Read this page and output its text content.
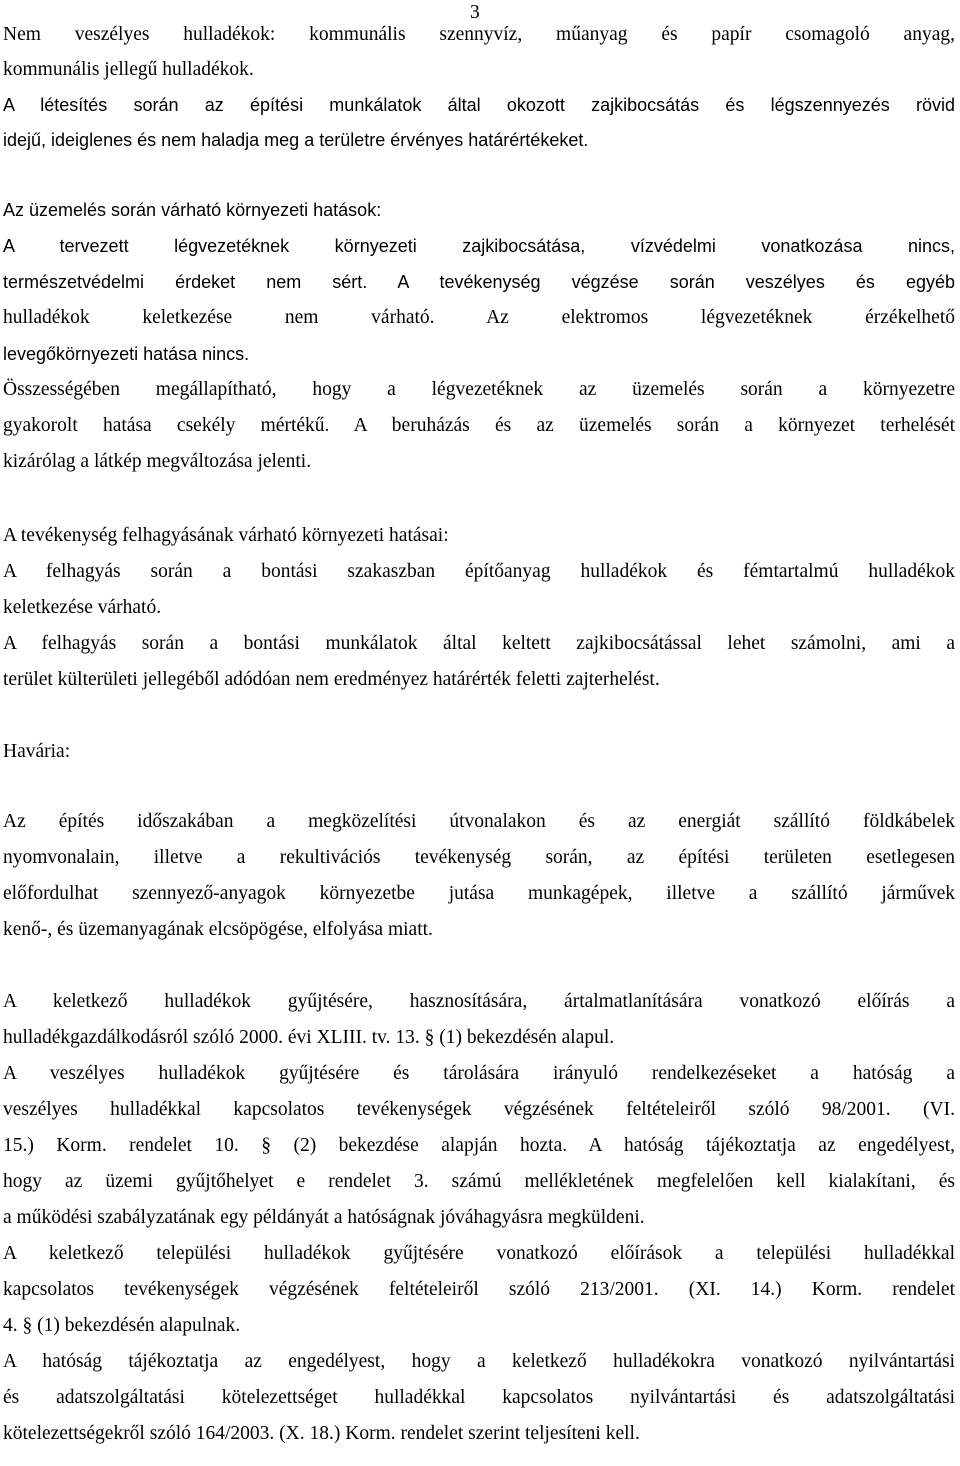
3
Nem veszélyes hulladékok: kommunális szennyvíz, műanyag és papír csomagoló anyag,
kommunális jellegű hulladékok.
A létesítés során az építési munkálatok által okozott zajkibocsátás és légszennyezés rövid
idejű, ideiglenes és nem haladja meg a területre érvényes határértékeket.
Az üzemelés során várható környezeti hatások:
A tervezett légvezetéknek környezeti zajkibocsátása, vízvédelmi vonatkozása nincs,
természetvédelmi érdeket nem sért. A tevékenység végzése során veszélyes és egyéb
hulladékok keletkezése nem várható. Az elektromos légvezetéknek érzékelhető
levegőkörnyezeti hatása nincs.
Összességében megállapítható, hogy a légvezetéknek az üzemelés során a környezetre
gyakorolt hatása csekély mértékű. A beruházás és az üzemelés során a környezet terhelését
kizárólag a látkép megváltozása jelenti.
A tevékenység felhagyásának várható környezeti hatásai:
A felhagyás során a bontási szakaszban építőanyag hulladékok és fémtartalmú hulladékok
keletkezése várható.
A felhagyás során a bontási munkálatok által keltett zajkibocsátással lehet számolni, ami a
terület külterületi jellegéből adódóan nem eredményez határérték feletti zajterhelést.
Havária:
Az építés időszakában a megközelítési útvonalakon és az energiát szállító földkábelek
nyomvonalain, illetve a rekultivációs tevékenység során, az építési területen esetlegesen
előfordulhat szennyező-anyagok környezetbe jutása munkagépek, illetve a szállító járművek
kenő-, és üzemanyagának elcsöpögése, elfolyása miatt.
A keletkező hulladékok gyűjtésére, hasznosítására, ártalmatlanítására vonatkozó előírás a
hulladékgazdálkodásról szóló 2000. évi XLIII. tv. 13. § (1) bekezdésén alapul.
A veszélyes hulladékok gyűjtésére és tárolására irányuló rendelkezéseket a hatóság a
veszélyes hulladékkal kapcsolatos tevékenységek végzésének feltételeiről szóló 98/2001. (VI.
15.) Korm. rendelet 10. § (2) bekezdése alapján hozta. A hatóság tájékoztatja az engedélyest,
hogy az üzemi gyűjtőhelyet e rendelet 3. számú mellékletének megfelelően kell kialakítani, és
a működési szabályzatának egy példányát a hatóságnak jóváhagyásra megküldeni.
A keletkező települési hulladékok gyűjtésére vonatkozó előírások a települési hulladékkal
kapcsolatos tevékenységek végzésének feltételeiről szóló 213/2001. (XI. 14.) Korm. rendelet
4. § (1) bekezdésén alapulnak.
A hatóság tájékoztatja az engedélyest, hogy a keletkező hulladékokra vonatkozó nyilvántartási
és adatszolgáltatási kötelezettséget hulladékkal kapcsolatos nyilvántartási és adatszolgáltatási
kötelezettségekről szóló 164/2003. (X. 18.) Korm. rendelet szerint teljesíteni kell.
